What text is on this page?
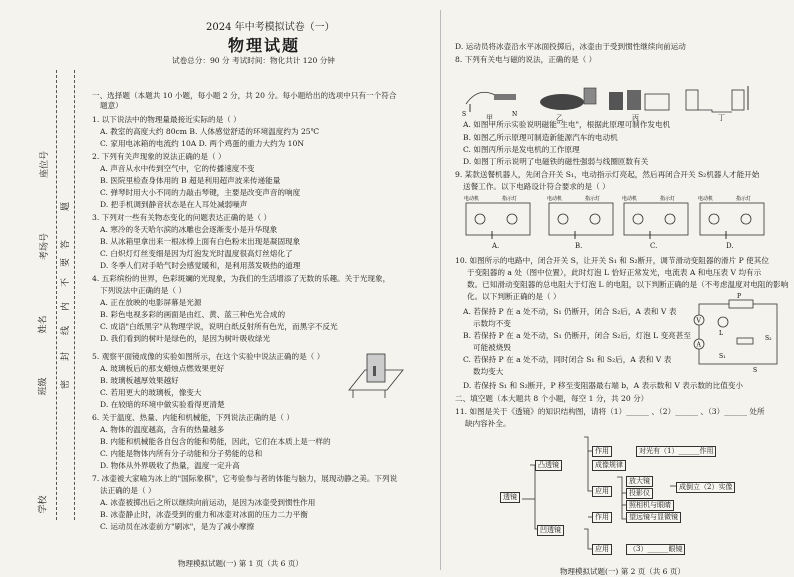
学校
班级
姓名
考场号
座位号
题
答
要
不
内
线
封
密
2024 年中考模拟试卷（一）
物理试题
试卷总分：90 分 考试时间：物化共计 120 分钟
一、选择题（本题共 10 小题，每小题 2 分，共 20 分。每小题给出的选项中只有一个符合
题意）
1. 以下说法中的物理量最接近实际的是（ ）
A. 教室的高度大约 80cm B. 人体感觉舒适的环境温度约为 25℃
C. 家用电冰箱的电流约 10A D. 两个鸡蛋的重力大约为 10N
2. 下列有关声现象的说法正确的是（ ）
A. 声音从水中传到空气中，它的传播速度不变
B. 医院里检查身体用的 B 超是利用超声波来传递能量
C. 弹琴时用大小不同的力敲击琴键，主要是改变声音的响度
D. 把手机调到静音状态是在人耳处减弱噪声
3. 下列对一些有关物态变化的问题表达正确的是（ ）
A. 寒冷的冬天哈尔滨的冰雕也会逐渐变小是升华现象
B. 从冰箱里拿出来一根冰棒上面有白色粉末出现是凝固现象
C. 白炽灯灯丝变细是因为灯泡发光时温度很高灯丝熔化了
D. 冬季人们对手哈气时会感觉暖和，是利用蒸发吸热的道理
4. 五彩缤纷的世界，色彩斑斓的光现象，为我们的生活增添了无数的乐趣。关于光现象，
下列说法中正确的是（ ）
A. 正在放映的电影屏幕是光源
B. 彩色电视多彩的画面是由红、黄、蓝三种色光合成的
C. 成语"白纸黑字"从物理学说，说明白纸反射所有色光，而黑字不反光
D. 我们看到的树叶是绿色的，是因为树叶吸收绿光
5. 观察平面镜成像的实验如图所示，在这个实验中说法正确的是（ ）
A. 玻璃板后的那支蜡烛点燃效果更好
B. 玻璃板越厚效果越好
C. 若用更大的玻璃板，像变大
D. 在较暗的环境中做实验看得更清楚
6. 关于温度、热量、内能和机械能，下列说法正确的是（ ）
A. 物体的温度越高，含有的热量越多
B. 内能和机械能各自包含的能和势能，因此，它们在本质上是一样的
C. 内能是物体内所有分子动能和分子势能的总和
D. 物体从外界吸收了热量，温度一定升高
7. 冰壶被大家喻为冰上的"国际象棋"，它考验参与者的体能与脑力，展现动静之美。下列说
法正确的是（ ）
A. 冰壶被掷出后之所以继续向前运动，是因为冰壶受到惯性作用
B. 冰壶静止时，冰壶受到的重力和冰壶对冰面的压力二力平衡
C. 运动员在冰壶前方"刷冰"，是为了减小摩擦
物理模拟试题(一) 第 1 页（共 6 页）
D. 运动员将冰壶沿水平冰面投掷后，冰壶由于受到惯性继续向前运动
8. 下列有关电与磁的说法，正确的是（ ）
A. 如图甲所示实验说明磁能"生电"，根据此原理可制作发电机
B. 如图乙所示原理可制造新能源汽车的电动机
C. 如图丙所示是发电机的工作原理
D. 如图丁所示说明了电磁铁的磁性强弱与线圈匝数有关
9. 某款送餐机器人，先闭合开关 S₁，电动指示灯亮起，然后再闭合开关 S₂机器人才能开始
送餐工作。以下电路设计符合要求的是（ ）
10. 如图所示的电路中，闭合开关 S，让开关 S₁ 和 S₂断开，调节滑动变阻器的滑片 P 使其位
于变阻器的 a 处（图中位置），此时灯泡 L 恰好正常发光，电流表 A 和电压表 V 均有示
数。已知滑动变阻器的总电阻大于灯泡 L 的电阻，以下判断正确的是（不考虑温度对电阻的影响
化。以下判断正确的是（ ）
A. 若保持 P 在 a 处不动，S₁ 仍断开，闭合 S₂后，A 表和 V 表
示数均不变
B. 若保持 P 在 a 处不动，S₁ 仍断开，闭合 S₂后，灯泡 L 变亮甚至
可能被烧毁
C. 若保持 P 在 a 处不动，同时闭合 S₁ 和 S₂后，A 表和 V 表
数均变大
D. 若保持 S₁ 和 S₂断开，P 移至变阻器最右端 b，A 表示数和 V 表示数的比值变小
二、填空题（本大题共 8 个小题，每空 1 分，共 20 分）
11. 如图是关于《透镜》的知识结构图，请将（1）______ 、（2）______ 、（3）______ 处所
缺内容补全。
S	N
甲	乙	丙	丁
电动机	指示灯
A.
电动机	指示灯
B.
电动机	指示灯
C.
电动机	指示灯
D.
V
A
P
L
S₁
S₂
S
透镜
凸透镜
凹透镜
作用
成像规律
应用
对光有（1）______作用
放大镜
投影仪
照相机与眼睛
望远镜与显微镜
成倒立（2）实像
作用
应用	（3）______眼镜
物理模拟试题(一) 第 2 页（共 6 页）
